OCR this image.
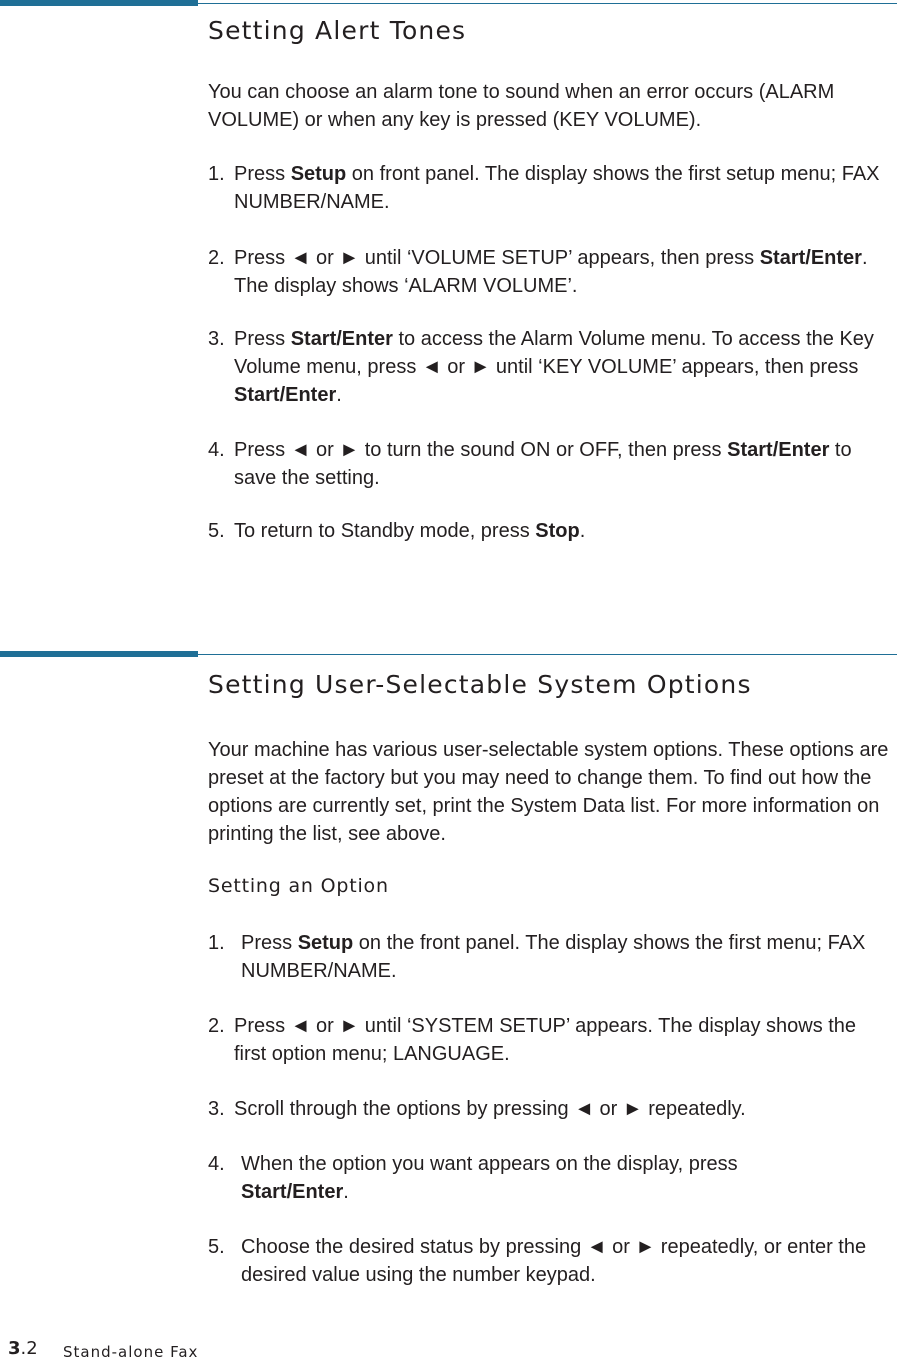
Setting Alert Tones

You can choose an alarm tone to sound when an error occurs (ALARM VOLUME) or when any key is pressed (KEY VOLUME).

1. Press Setup on front panel. The display shows the first setup menu; FAX NUMBER/NAME.
2. Press ◄ or ► until ‘VOLUME SETUP’ appears, then press Start/Enter. The display shows ‘ALARM VOLUME’.
3. Press Start/Enter to access the Alarm Volume menu. To access the Key Volume menu, press ◄ or ► until ‘KEY VOLUME’ appears, then press Start/Enter.
4. Press ◄ or ► to turn the sound ON or OFF, then press Start/Enter to save the setting.
5. To return to Standby mode, press Stop.
Setting User-Selectable System Options

Your machine has various user-selectable system options. These options are preset at the factory but you may need to change them. To find out how the options are currently set, print the System Data list. For more information on printing the list, see above.

Setting an Option
1. Press Setup on the front panel. The display shows the first menu; FAX NUMBER/NAME.
2. Press ◄ or ► until ‘SYSTEM SETUP’ appears. The display shows the first option menu; LANGUAGE.
3. Scroll through the options by pressing ◄ or ► repeatedly.
4. When the option you want appears on the display, press Start/Enter.
5. Choose the desired status by pressing ◄ or ► repeatedly, or enter the desired value using the number keypad.
3.2 Stand-alone Fax
